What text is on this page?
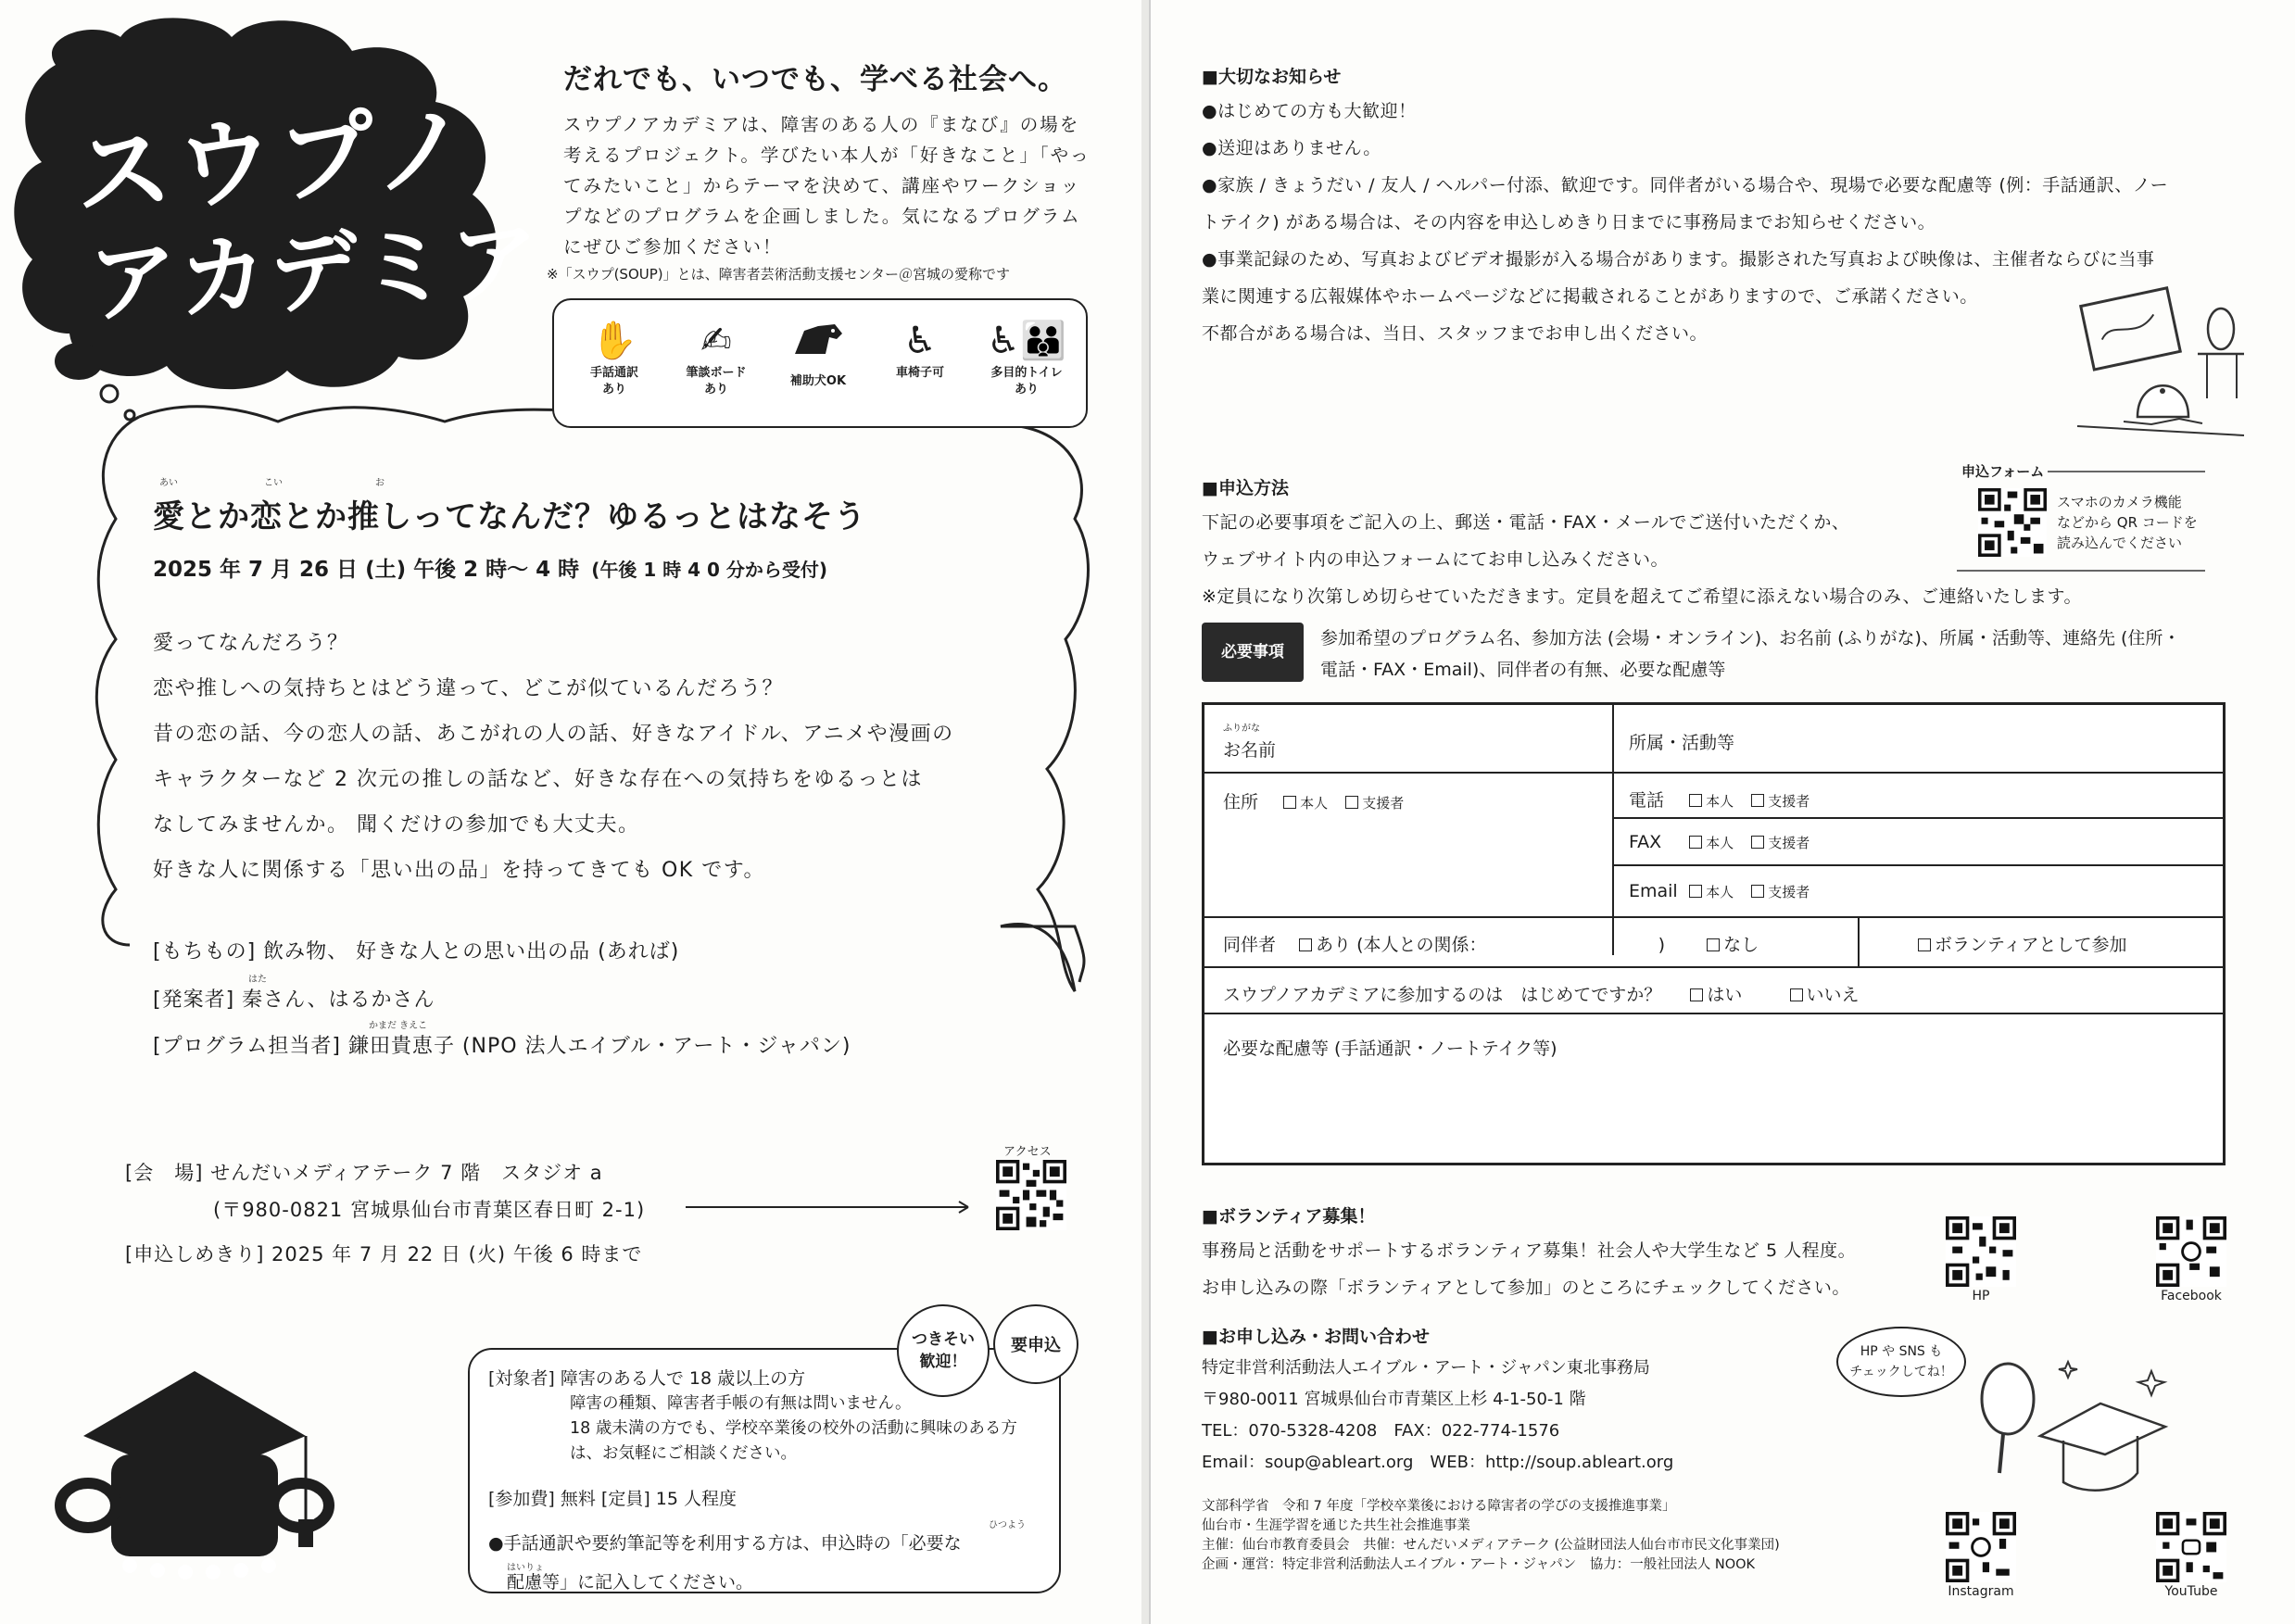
スウプノ
アカデミア
だれでも、いつでも、学べる社会へ。
スウプノアカデミアは、障害のある人の『まなび』の場を
考えるプロジェクト。学びたい本人が「好きなこと」「やっ
てみたいこと」からテーマを決めて、講座やワークショッ
プなどのプログラムを企画しました。気になるプログラム
にぜひご参加ください！
※「スウプ(SOUP)」とは、障害者芸術活動支援センター＠宮城の愛称です
✋
手話通訳
あり
✍
筆談ボード
あり
補助犬OK
♿
車椅子可
♿👪
多目的トイレ
あり
あい	こい	お
愛とか恋とか推しってなんだ？ゆるっとはなそう
2025 年 7 月 26 日 (土) 午後 2 時～ 4 時 (午後 1 時 4 0 分から受付)
愛ってなんだろう？
恋や推しへの気持ちとはどう違って、どこが似ているんだろう？
昔の恋の話、今の恋人の話、あこがれの人の話、好きなアイドル、アニメや漫画の
キャラクターなど 2 次元の推しの話など、好きな存在への気持ちをゆるっとは
なしてみませんか。 聞くだけの参加でも大丈夫。
好きな人に関係する「思い出の品」を持ってきても OK です。
[もちもの] 飲み物、 好きな人との思い出の品 (あれば)
はた
[発案者] 秦さん、はるかさん
かまだ きえこ
[プログラム担当者] 鎌田貴恵子 (NPO 法人エイブル・アート・ジャパン)
[会　場] せんだいメディアテーク 7 階　スタジオ a
(〒980-0821 宮城県仙台市青葉区春日町 2-1)
[申込しめきり] 2025 年 7 月 22 日 (火) 午後 6 時まで
アクセス
[対象者] 障害のある人で 18 歳以上の方
障害の種類、障害者手帳の有無は問いません。
18 歳未満の方でも、学校卒業後の校外の活動に興味のある方
は、お気軽にご相談ください。
[参加費] 無料 [定員] 15 人程度
ひつよう
●手話通訳や要約筆記等を利用する方は、申込時の「必要な
はいりょ
配慮等」に記入してください。
つきそい
歓迎！
要申込
■大切なお知らせ
●はじめての方も大歓迎！
●送迎はありません。
●家族 / きょうだい / 友人 / ヘルパー付添、歓迎です。同伴者がいる場合や、現場で必要な配慮等 (例：手話通訳、ノー
トテイク) がある場合は、その内容を申込しめきり日までに事務局までお知らせください。
●事業記録のため、写真およびビデオ撮影が入る場合があります。撮影された写真および映像は、主催者ならびに当事
業に関連する広報媒体やホームページなどに掲載されることがありますので、ご承諾ください。
不都合がある場合は、当日、スタッフまでお申し出ください。
■申込方法
下記の必要事項をご記入の上、郵送・電話・FAX・メールでご送付いただくか、
ウェブサイト内の申込フォームにてお申し込みください。
※定員になり次第しめ切らせていただきます。定員を超えてご希望に添えない場合のみ、ご連絡いたします。
申込フォーム
スマホのカメラ機能
などから QR コードを
読み込んでください
必要事項
参加希望のプログラム名、参加方法 (会場・オンライン)、お名前 (ふりがな)、所属・活動等、連絡先 (住所・
電話・FAX・Email)、同伴者の有無、必要な配慮等
ふりがな
お名前	所属・活動等
住所	本人 支援者	電話	本人 支援者
FAX	本人 支援者
Email 本人 支援者
同伴者 あり (本人との関係：	)	なし	ボランティアとして参加
スウプノアカデミアに参加するのは　はじめてですか？	はい	いいえ
必要な配慮等 (手話通訳・ノートテイク等)
■ボランティア募集！
事務局と活動をサポートするボランティア募集！社会人や大学生など 5 人程度。
お申し込みの際「ボランティアとして参加」のところにチェックしてください。
■お申し込み・お問い合わせ
特定非営利活動法人エイブル・アート・ジャパン東北事務局
〒980-0011 宮城県仙台市青葉区上杉 4-1-50-1 階
TEL：070-5328-4208　FAX：022-774-1576
Email：soup@ableart.org　WEB：http://soup.ableart.org
文部科学省　令和 7 年度「学校卒業後における障害者の学びの支援推進事業」
仙台市・生涯学習を通じた共生社会推進事業
主催：仙台市教育委員会　共催：せんだいメディアテーク (公益財団法人仙台市市民文化事業団)
企画・運営：特定非営利活動法人エイブル・アート・ジャパン　協力：一般社団法人 NOOK
HP や SNS も
チェックしてね！
HP	Facebook
Instagram	YouTube
